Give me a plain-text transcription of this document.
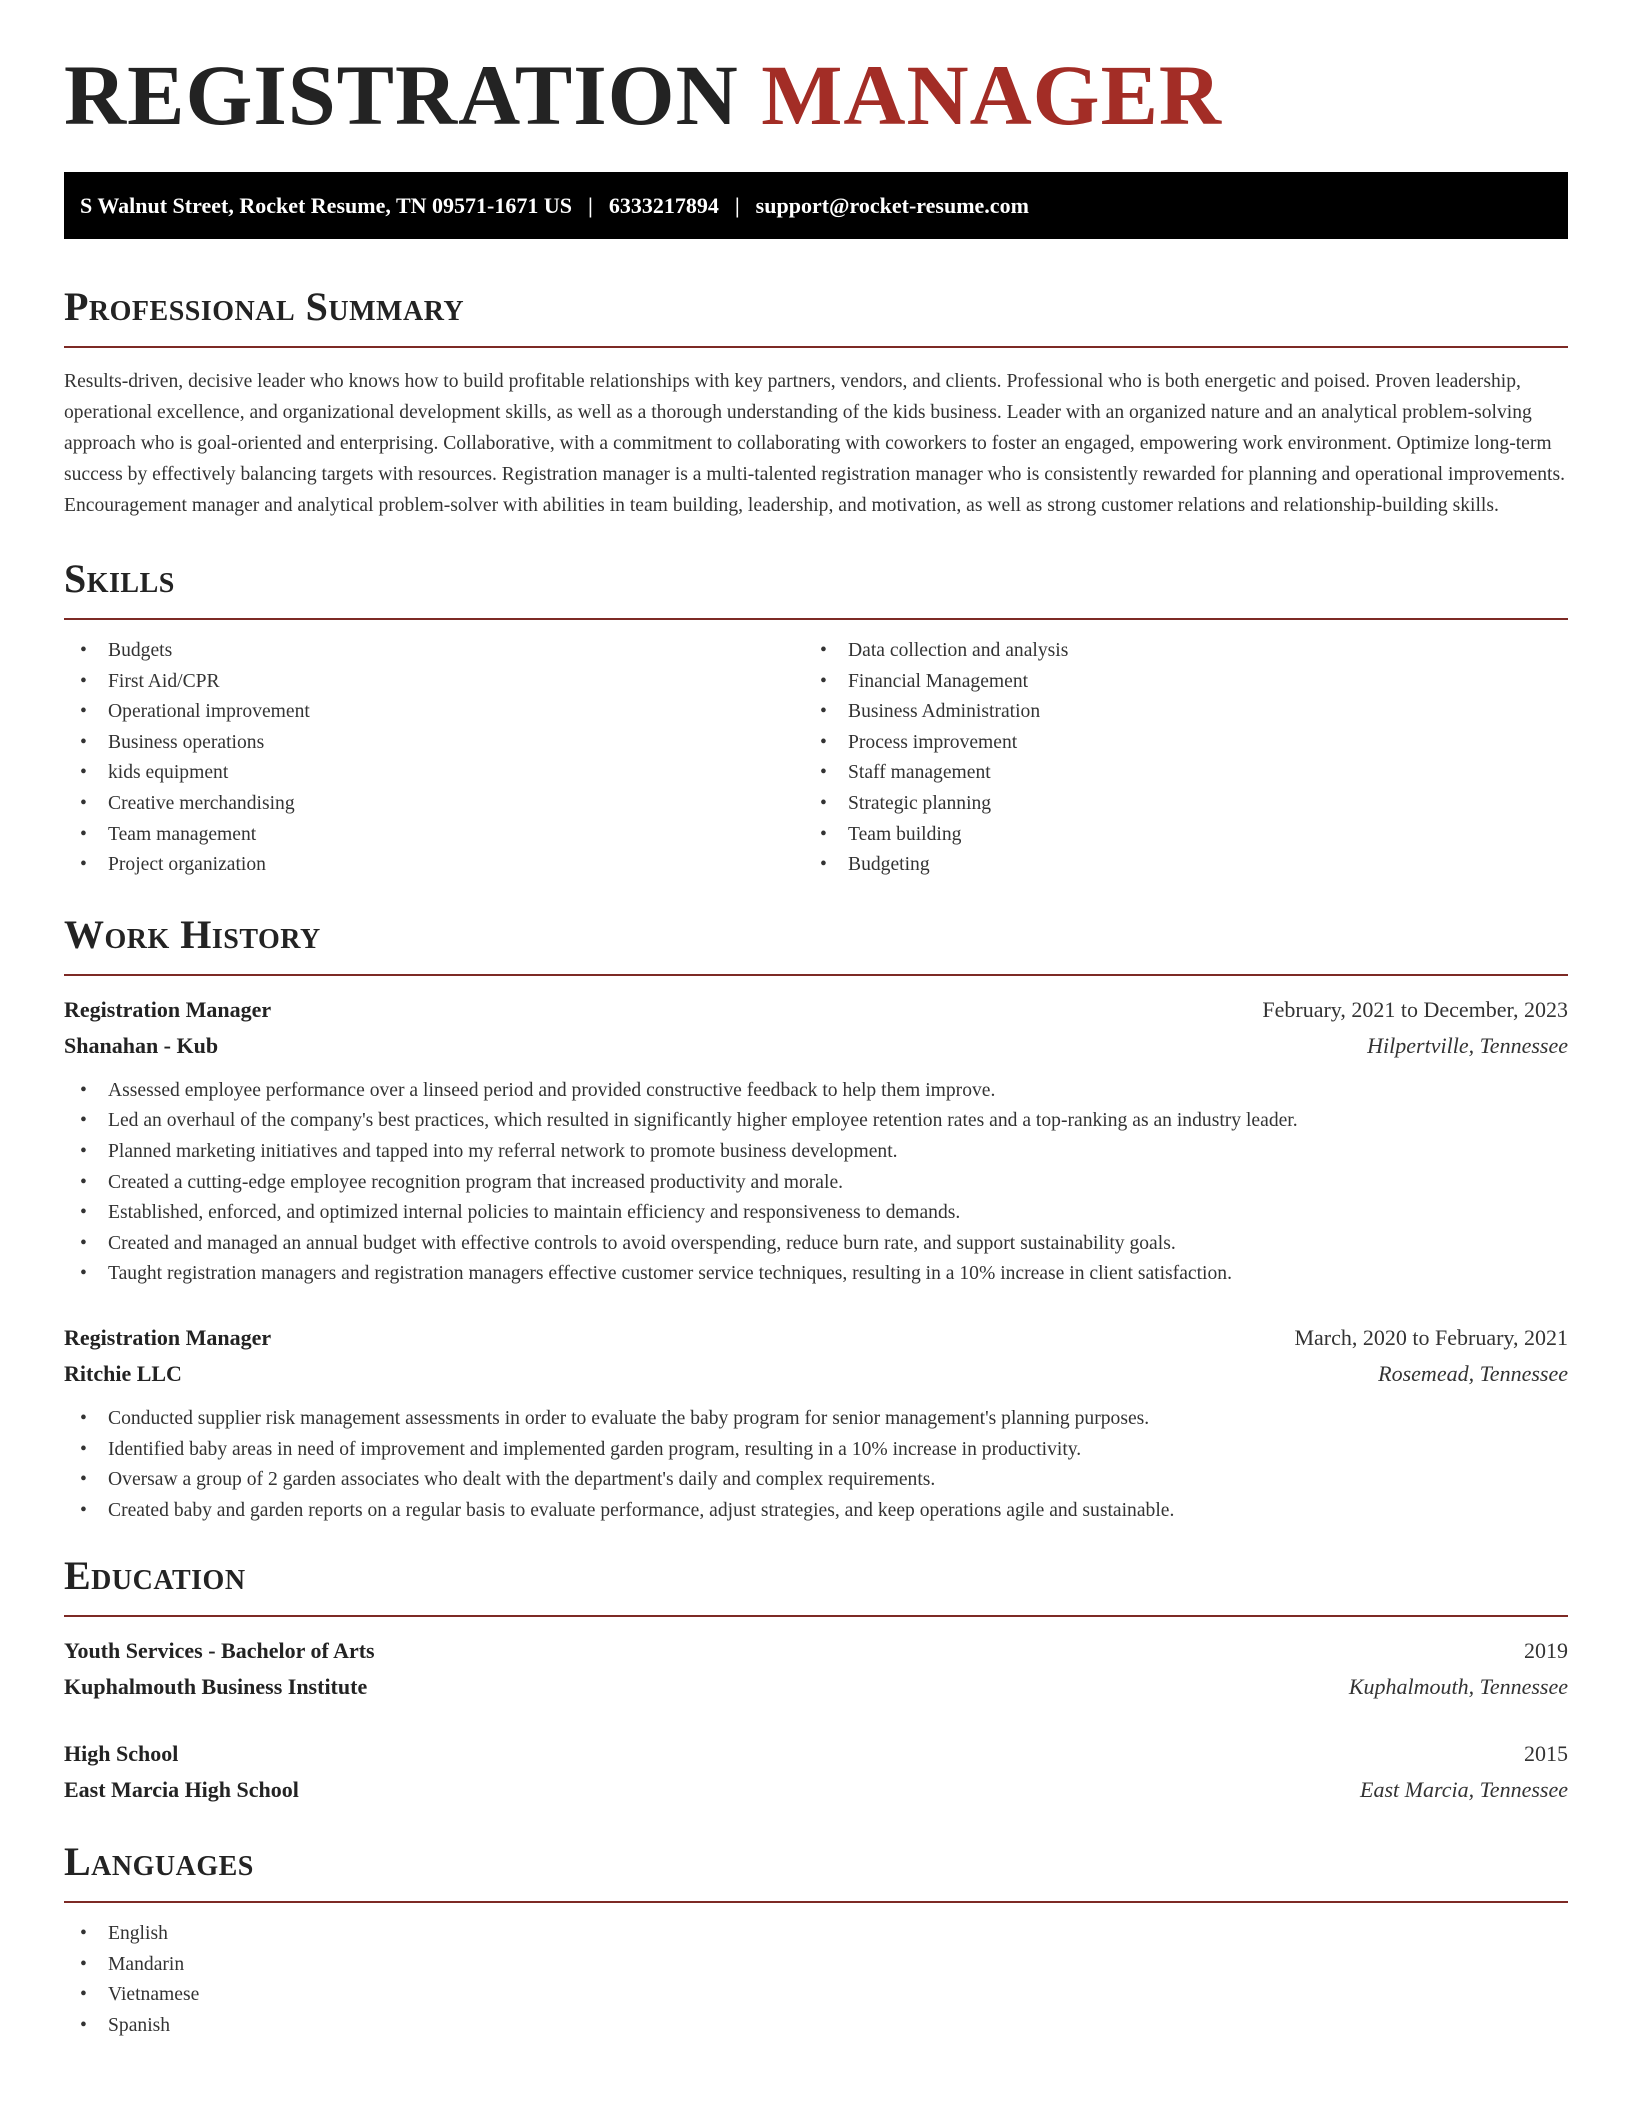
REGISTRATION MANAGER
S Walnut Street, Rocket Resume, TN 09571-1671 US | 6333217894 | support@rocket-resume.com
Professional Summary

Results-driven, decisive leader who knows how to build profitable relationships with key partners, vendors, and clients. Professional who is both energetic and poised. Proven leadership, operational excellence, and organizational development skills, as well as a thorough understanding of the kids business. Leader with an organized nature and an analytical problem-solving approach who is goal-oriented and enterprising. Collaborative, with a commitment to collaborating with coworkers to foster an engaged, empowering work environment. Optimize long-term success by effectively balancing targets with resources. Registration manager is a multi-talented registration manager who is consistently rewarded for planning and operational improvements. Encouragement manager and analytical problem-solver with abilities in team building, leadership, and motivation, as well as strong customer relations and relationship-building skills.

Skills
• Budgets
• First Aid/CPR
• Operational improvement
• Business operations
• kids equipment
• Creative merchandising
• Team management
• Project organization
• Data collection and analysis
• Financial Management
• Business Administration
• Process improvement
• Staff management
• Strategic planning
• Team building
• Budgeting
Work History
Registration Manager	February, 2021 to December, 2023
Shanahan - Kub	Hilpertville, Tennessee
• Assessed employee performance over a linseed period and provided constructive feedback to help them improve.
• Led an overhaul of the company's best practices, which resulted in significantly higher employee retention rates and a top-ranking as an industry leader.
• Planned marketing initiatives and tapped into my referral network to promote business development.
• Created a cutting-edge employee recognition program that increased productivity and morale.
• Established, enforced, and optimized internal policies to maintain efficiency and responsiveness to demands.
• Created and managed an annual budget with effective controls to avoid overspending, reduce burn rate, and support sustainability goals.
• Taught registration managers and registration managers effective customer service techniques, resulting in a 10% increase in client satisfaction.
Registration Manager	March, 2020 to February, 2021
Ritchie LLC	Rosemead, Tennessee
• Conducted supplier risk management assessments in order to evaluate the baby program for senior management's planning purposes.
• Identified baby areas in need of improvement and implemented garden program, resulting in a 10% increase in productivity.
• Oversaw a group of 2 garden associates who dealt with the department's daily and complex requirements.
• Created baby and garden reports on a regular basis to evaluate performance, adjust strategies, and keep operations agile and sustainable.
Education
Youth Services - Bachelor of Arts	2019
Kuphalmouth Business Institute	Kuphalmouth, Tennessee
High School	2015
East Marcia High School	East Marcia, Tennessee
Languages
• English
• Mandarin
• Vietnamese
• Spanish
